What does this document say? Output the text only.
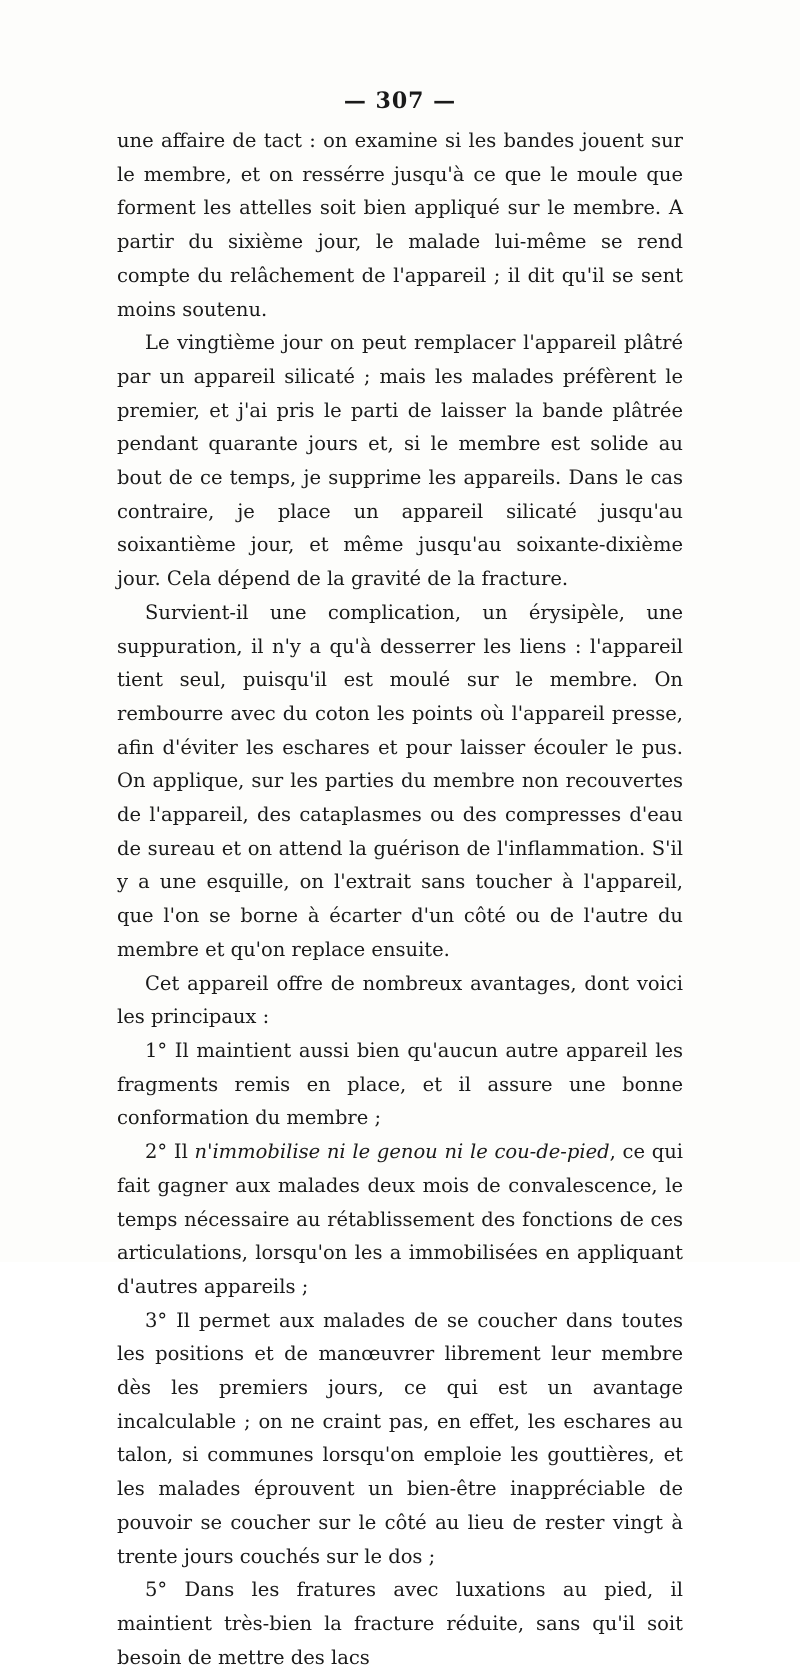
— 307 —

une affaire de tact : on examine si les bandes jouent sur le membre, et on ressérre jusqu'à ce que le moule que forment les attelles soit bien appliqué sur le membre. A partir du sixième jour, le malade lui-même se rend compte du relâchement de l'appareil ; il dit qu'il se sent moins soutenu.

Le vingtième jour on peut remplacer l'appareil plâtré par un appareil silicaté ; mais les malades préfèrent le premier, et j'ai pris le parti de laisser la bande plâtrée pendant quarante jours et, si le membre est solide au bout de ce temps, je supprime les appareils. Dans le cas contraire, je place un appareil silicaté jusqu'au soixantième jour, et même jusqu'au soixante-dixième jour. Cela dépend de la gravité de la fracture.

Survient-il une complication, un érysipèle, une suppuration, il n'y a qu'à desserrer les liens : l'appareil tient seul, puisqu'il est moulé sur le membre. On rembourre avec du coton les points où l'appareil presse, afin d'éviter les eschares et pour laisser écouler le pus. On applique, sur les parties du membre non recouvertes de l'appareil, des cataplasmes ou des compresses d'eau de sureau et on attend la guérison de l'inflammation. S'il y a une esquille, on l'extrait sans toucher à l'appareil, que l'on se borne à écarter d'un côté ou de l'autre du membre et qu'on replace ensuite.

Cet appareil offre de nombreux avantages, dont voici les principaux :

1° Il maintient aussi bien qu'aucun autre appareil les fragments remis en place, et il assure une bonne conformation du membre ;

2° Il n'immobilise ni le genou ni le cou-de-pied, ce qui fait gagner aux malades deux mois de convalescence, le temps nécessaire au rétablissement des fonctions de ces articulations, lorsqu'on les a immobilisées en appliquant d'autres appareils ;

3° Il permet aux malades de se coucher dans toutes les positions et de manœuvrer librement leur membre dès les premiers jours, ce qui est un avantage incalculable ; on ne craint pas, en effet, les eschares au talon, si communes lorsqu'on emploie les gouttières, et les malades éprouvent un bien-être inappréciable de pouvoir se coucher sur le côté au lieu de rester vingt à trente jours couchés sur le dos ;

5° Dans les fratures avec luxations au pied, il maintient très-bien la fracture réduite, sans qu'il soit besoin de mettre des lacs
